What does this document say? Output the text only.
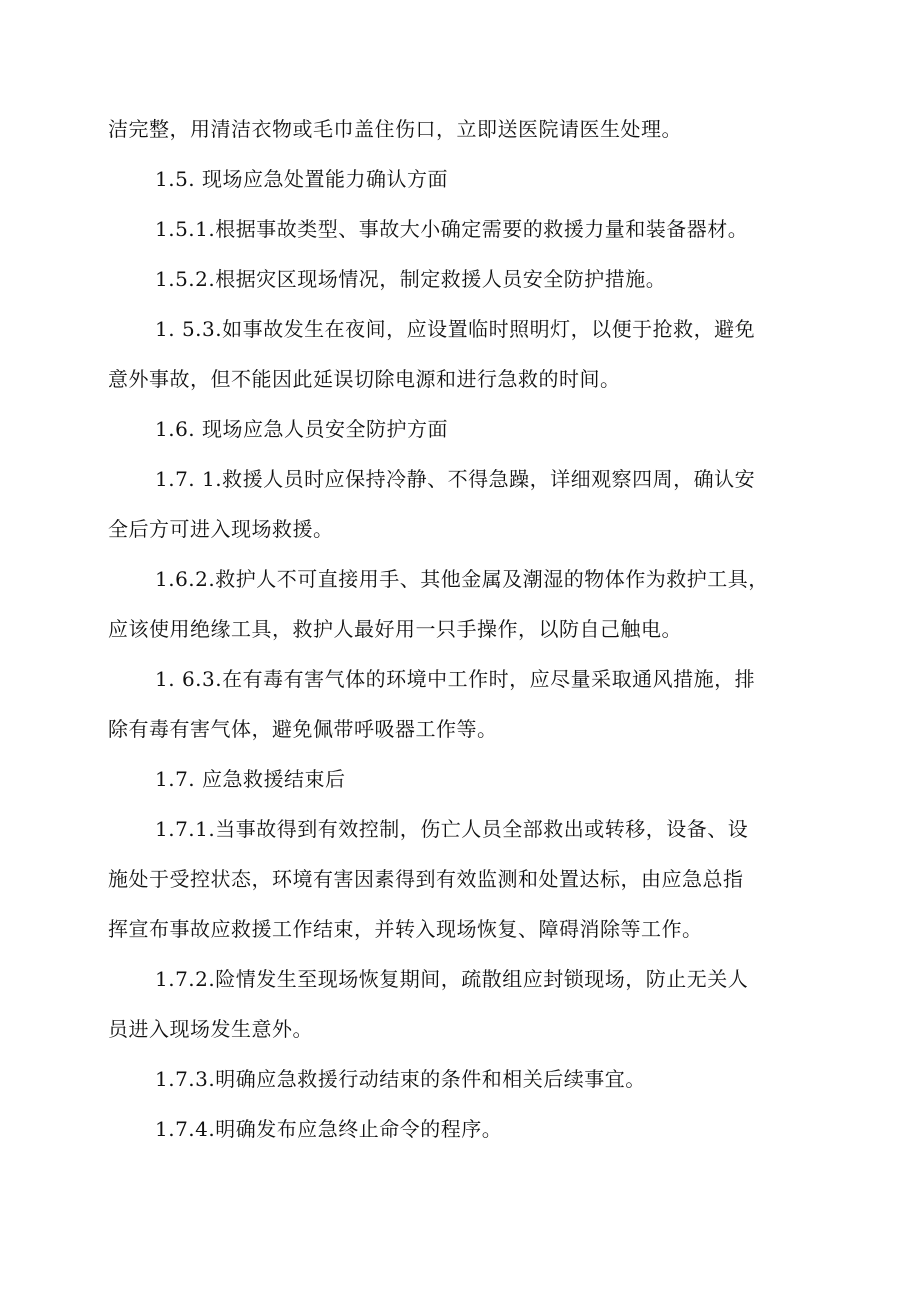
洁完整，用清洁衣物或毛巾盖住伤口，立即送医院请医生处理。
1.5. 现场应急处置能力确认方面
1.5.1.根据事故类型、事故大小确定需要的救援力量和装备器材。
1.5.2.根据灾区现场情况，制定救援人员安全防护措施。
1. 5.3.如事故发生在夜间，应设置临时照明灯，以便于抢救，避免
意外事故，但不能因此延误切除电源和进行急救的时间。
1.6. 现场应急人员安全防护方面
1.7. 1.救援人员时应保持冷静、不得急躁，详细观察四周，确认安
全后方可进入现场救援。
1.6.2.救护人不可直接用手、其他金属及潮湿的物体作为救护工具，
应该使用绝缘工具，救护人最好用一只手操作，以防自己触电。
1. 6.3.在有毒有害气体的环境中工作时，应尽量采取通风措施，排
除有毒有害气体，避免佩带呼吸器工作等。
1.7. 应急救援结束后
1.7.1.当事故得到有效控制，伤亡人员全部救出或转移，设备、设
施处于受控状态，环境有害因素得到有效监测和处置达标，由应急总指
挥宣布事故应救援工作结束，并转入现场恢复、障碍消除等工作。
1.7.2.险情发生至现场恢复期间，疏散组应封锁现场，防止无关人
员进入现场发生意外。
1.7.3.明确应急救援行动结束的条件和相关后续事宜。
1.7.4.明确发布应急终止命令的程序。
